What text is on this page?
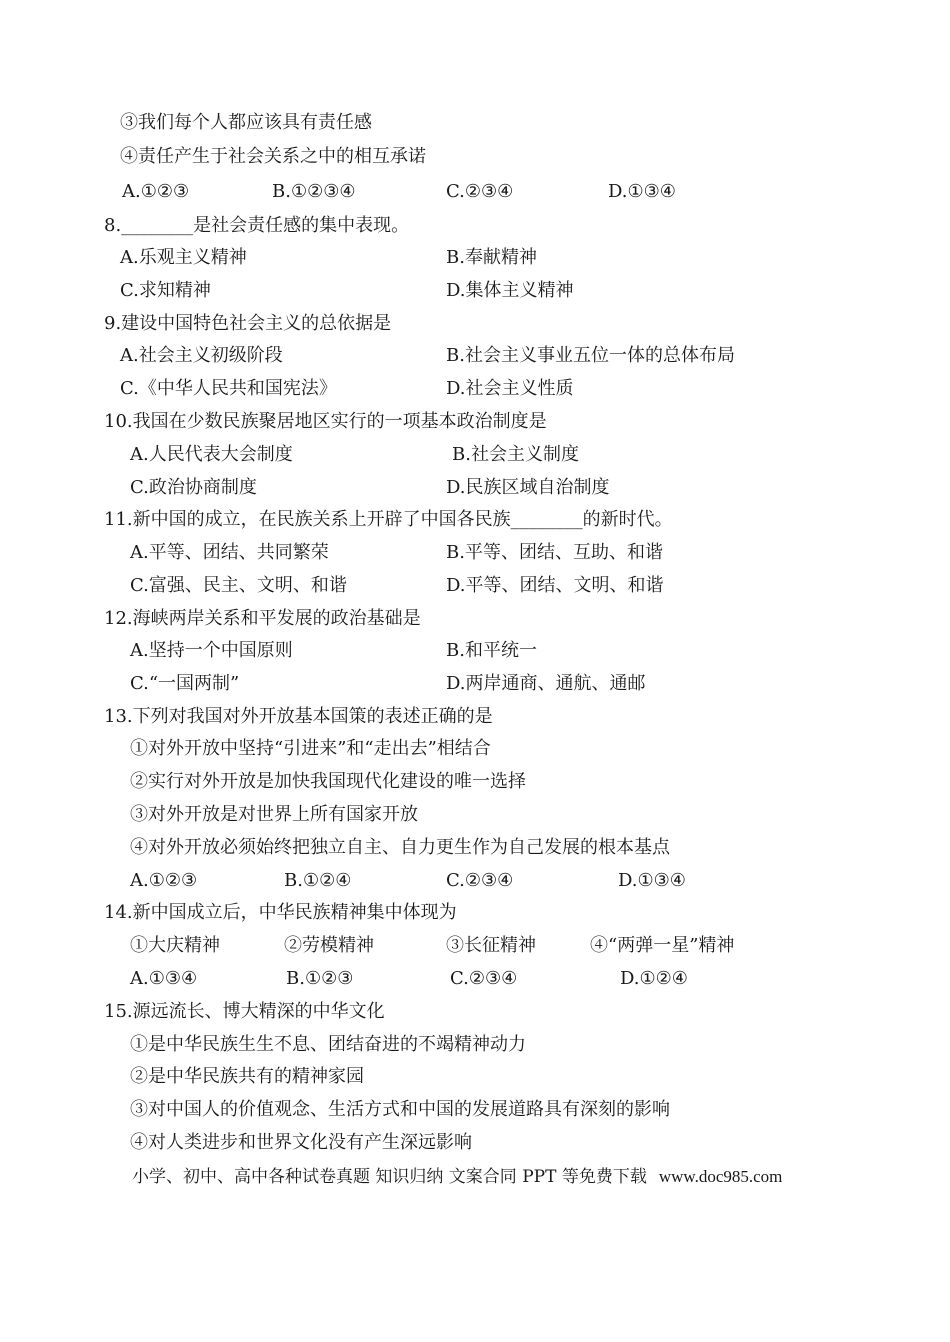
③我们每个人都应该具有责任感
④责任产生于社会关系之中的相互承诺
A.①②③	B.①②③④	C.②③④	D.①③④
8.________是社会责任感的集中表现。
A.乐观主义精神	B.奉献精神
C.求知精神	D.集体主义精神
9.建设中国特色社会主义的总依据是
A.社会主义初级阶段	B.社会主义事业五位一体的总体布局
C.《中华人民共和国宪法》	D.社会主义性质
10.我国在少数民族聚居地区实行的一项基本政治制度是
A.人民代表大会制度	B.社会主义制度
C.政治协商制度	D.民族区域自治制度
11.新中国的成立，在民族关系上开辟了中国各民族________的新时代。
A.平等、团结、共同繁荣	B.平等、团结、互助、和谐
C.富强、民主、文明、和谐	D.平等、团结、文明、和谐
12.海峡两岸关系和平发展的政治基础是
A.坚持一个中国原则	B.和平统一
C.“一国两制”	D.两岸通商、通航、通邮
13.下列对我国对外开放基本国策的表述正确的是
①对外开放中坚持“引进来”和“走出去”相结合
②实行对外开放是加快我国现代化建设的唯一选择
③对外开放是对世界上所有国家开放
④对外开放必须始终把独立自主、自力更生作为自己发展的根本基点
A.①②③	B.①②④	C.②③④	D.①③④
14.新中国成立后，中华民族精神集中体现为
①大庆精神	②劳模精神	③长征精神	④“两弹一星”精神
A.①③④	B.①②③	C.②③④	D.①②④
15.源远流长、博大精深的中华文化
①是中华民族生生不息、团结奋进的不竭精神动力
②是中华民族共有的精神家园
③对中国人的价值观念、生活方式和中国的发展道路具有深刻的影响
④对人类进步和世界文化没有产生深远影响
小学、初中、高中各种试卷真题 知识归纳 文案合同 PPT 等免费下载 www.doc985.com
